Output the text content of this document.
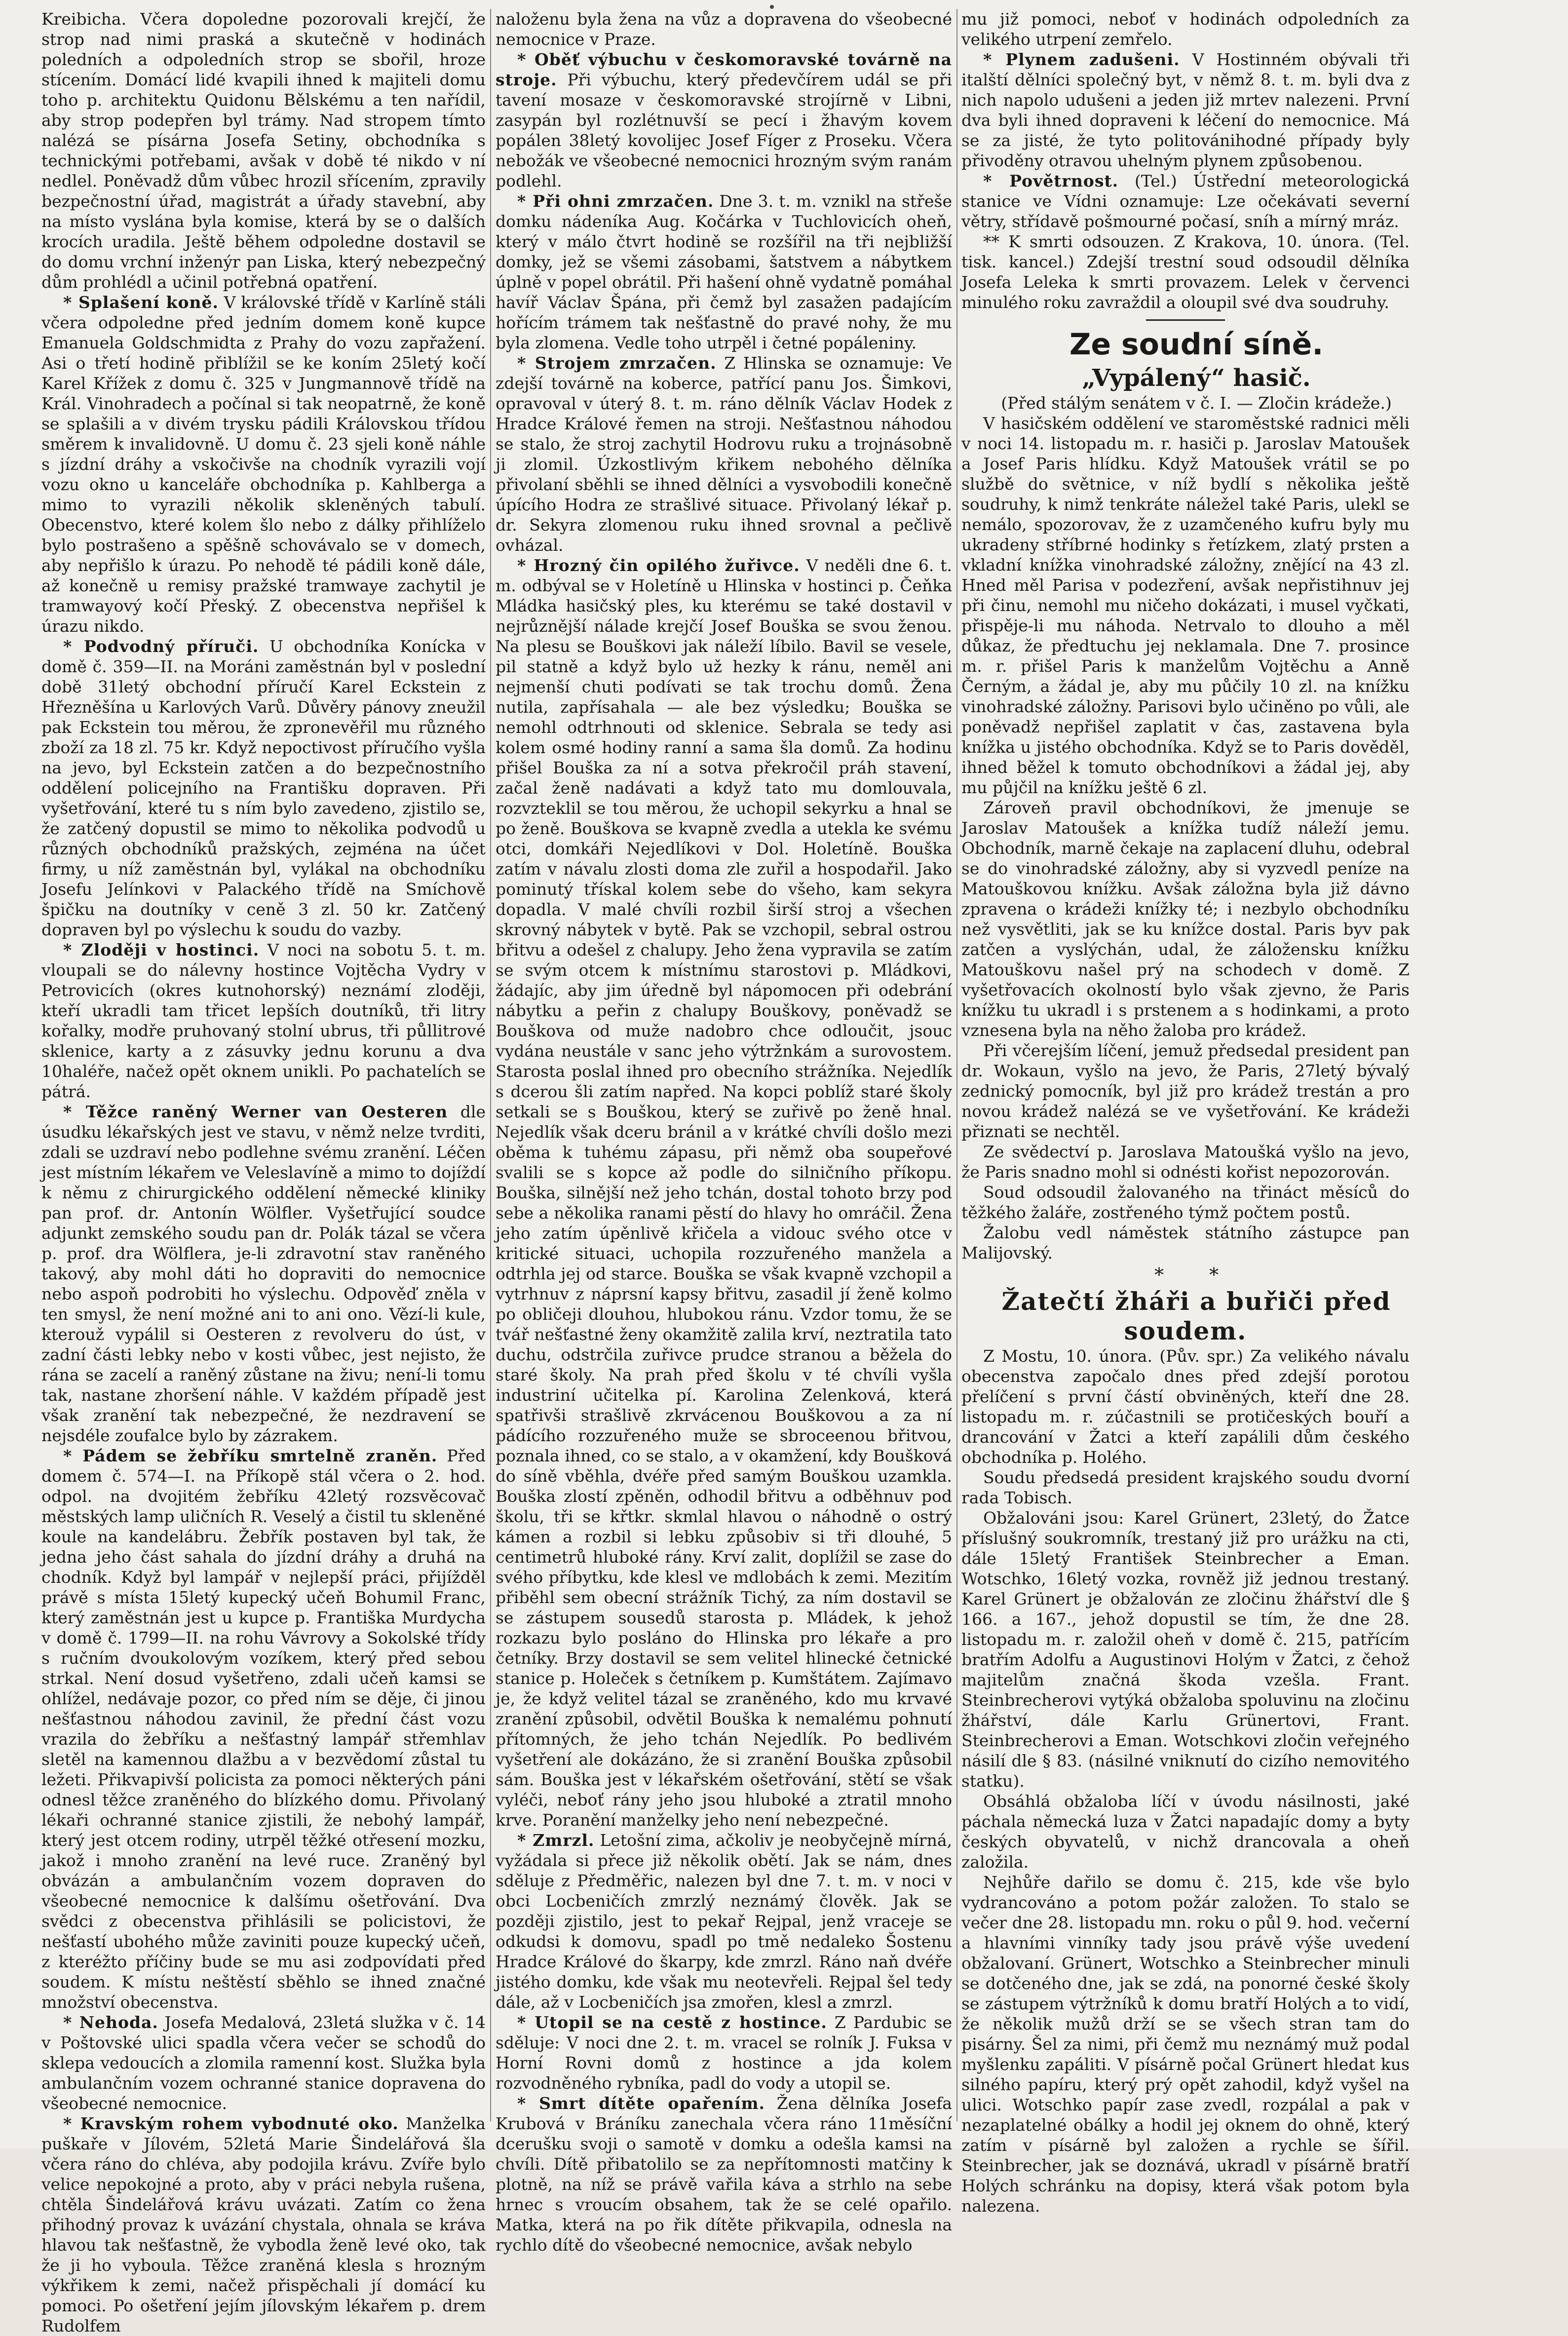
Kreibicha. Včera dopoledne pozorovali krejčí, že strop nad nimi praská a skutečně v hodinách poledních a odpoledních strop se sbořil, hroze stícením. Domácí lidé kvapili ihned k majiteli domu toho p. architektu Quidonu Bělskému a ten nařídil, aby strop podepřen byl trámy. Nad stropem tímto nalézá se písárna Josefa Setiny, obchodníka s technickými potřebami, avšak v době té nikdo v ní nedlel. Poněvadž dům vůbec hrozil sřícením, zpravily bezpečnostní úřad, magistrát a úřady stavební, aby na místo vyslána byla komise, která by se o dalších krocích uradila. Ještě během odpoledne dostavil se do domu vrchní inženýr pan Liska, který nebezpečný dům prohlédl a učinil potřebná opatření.

* Splašení koně. V královské třídě v Karlíně stáli včera odpoledne před jedním domem koně kupce Emanuela Goldschmidta z Prahy do vozu zapřažení. Asi o třetí hodině přiblížil se ke koním 25letý kočí Karel Křížek z domu č. 325 v Jungmannově třídě na Král. Vinohradech a počínal si tak neopatrně, že koně se splašili a v divém trysku pádili Královskou třídou směrem k invalidovně. U domu č. 23 sjeli koně náhle s jízdní dráhy a vskočivše na chodník vyrazili vojí vozu okno u kanceláře obchodníka p. Kahlberga a mimo to vyrazili několik skleněných tabulí. Obecenstvo, které kolem šlo nebo z dálky přihlíželo bylo postrašeno a spěšně schovávalo se v domech, aby nepřišlo k úrazu. Po nehodě té pádili koně dále, až konečně u remisy pražské tramwaye zachytil je tramwayový kočí Přeský. Z obecenstva nepřišel k úrazu nikdo.

* Podvodný příruči. U obchodníka Konícka v domě č. 359—II. na Moráni zaměstnán byl v poslední době 31letý obchodní příručí Karel Eckstein z Hřezněšína u Karlových Varů. Důvěry pánovy zneužil pak Eckstein tou měrou, že zpronevěřil mu různého zboží za 18 zl. 75 kr. Když nepoctivost příručího vyšla na jevo, byl Eckstein zatčen a do bezpečnostního oddělení policejního na Františku dopraven. Při vyšetřování, které tu s ním bylo zavedeno, zjistilo se, že zatčený dopustil se mimo to několika podvodů u různých obchodníků pražských, zejména na účet firmy, u níž zaměstnán byl, vylákal na obchodníku Josefu Jelínkovi v Palackého třídě na Smíchově špičku na doutníky v ceně 3 zl. 50 kr. Zatčený dopraven byl po výslechu k soudu do vazby.

* Zloději v hostinci. V noci na sobotu 5. t. m. vloupali se do nálevny hostince Vojtěcha Vydry v Petrovicích (okres kutnohorský) neznámí zloději, kteří ukradli tam třicet lepších doutníků, tři litry kořalky, modře pruhovaný stolní ubrus, tři půllitrové sklenice, karty a z zásuvky jednu korunu a dva 10haléře, načež opět oknem unikli. Po pachatelích se pátrá.

* Těžce raněný Werner van Oesteren dle úsudku lékařských jest ve stavu, v němž nelze tvrditi, zdali se uzdraví nebo podlehne svému zranění. Léčen jest místním lékařem ve Veleslavíně a mimo to dojíždí k němu z chirurgického oddělení německé kliniky pan prof. dr. Antonín Wölfler. Vyšetřující soudce adjunkt zemského soudu pan dr. Polák tázal se včera p. prof. dra Wölflera, je-li zdravotní stav raněného takový, aby mohl dáti ho dopraviti do nemocnice nebo aspoň podrobiti ho výslechu. Odpověď zněla v ten smysl, že není možné ani to ani ono. Vězí-li kule, kterouž vypálil si Oesteren z revolveru do úst, v zadní části lebky nebo v kosti vůbec, jest nejisto, že rána se zacelí a raněný zůstane na živu; není-li tomu tak, nastane zhoršení náhle. V každém případě jest však zranění tak nebezpečné, že nezdravení se nejsdéle zoufalce bylo by zázrakem.

* Pádem se žebříku smrtelně zraněn. Před domem č. 574—I. na Příkopě stál včera o 2. hod. odpol. na dvojitém žebříku 42letý rozsvěcovač městských lamp uličních R. Veselý a čistil tu skleněné koule na kandelábru. Žebřík postaven byl tak, že jedna jeho část sahala do jízdní dráhy a druhá na chodník. Když byl lampář v nejlepší práci, přijížděl právě s místa 15letý kupecký učeň Bohumil Franc, který zaměstnán jest u kupce p. Františka Murdycha v domě č. 1799—II. na rohu Vávrovy a Sokolské třídy s ručním dvoukolovým vozíkem, který před sebou strkal. Není dosud vyšetřeno, zdali učeň kamsi se ohlížel, nedávaje pozor, co před ním se děje, či jinou nešťastnou náhodou zavinil, že přední část vozu vrazila do žebříku a nešťastný lampář střemhlav sletěl na kamennou dlažbu a v bezvědomí zůstal tu ležeti. Přikvapivší policista za pomoci některých páni odnesl těžce zraněného do blízkého domu. Přivolaný lékaři ochranné stanice zjistili, že nebohý lampář, který jest otcem rodiny, utrpěl těžké otřesení mozku, jakož i mnoho zranění na levé ruce. Zraněný byl obvázán a ambulančním vozem dopraven do všeobecné nemocnice k dalšímu ošetřování. Dva svědci z obecenstva přihlásili se policistovi, že nešťastí ubohého může zaviniti pouze kupecký učeň, z kteréžto příčiny bude se mu asi zodpovídati před soudem. K místu neštěstí sběhlo se ihned značné množství obecenstva.

* Nehoda. Josefa Medalová, 23letá služka v č. 14 v Poštovské ulici spadla včera večer se schodů do sklepa vedoucích a zlomila ramenní kost. Služka byla ambulančním vozem ochranné stanice dopravena do všeobecné nemocnice.

* Kravským rohem vybodnuté oko. Manželka puškaře v Jílovém, 52letá Marie Šindelářová šla včera ráno do chléva, aby podojila krávu. Zvíře bylo velice nepokojné a proto, aby v práci nebyla rušena, chtěla Šindelářová krávu uvázati. Zatím co žena přihodný provaz k uvázání chystala, ohnala se kráva hlavou tak nešťastně, že vybodla ženě levé oko, tak že ji ho vyboula. Těžce zraněná klesla s hrozným výkřikem k zemi, načež přispěchali jí domácí ku pomoci. Po ošetření jejím jílovským lékařem p. drem Rudolfem

naloženu byla žena na vůz a dopravena do všeobecné nemocnice v Praze.

* Oběť výbuchu v českomoravské továrně na stroje. Při výbuchu, který předevčírem udál se při tavení mosaze v českomoravské strojírně v Libni, zasypán byl rozlétnuvší se pecí i žhavým kovem popálen 38letý kovolijec Josef Fíger z Proseku. Včera nebožák ve všeobecné nemocnici hrozným svým ranám podlehl.

* Při ohni zmrzačen. Dne 3. t. m. vznikl na střeše domku nádeníka Aug. Kočárka v Tuchlovicích oheň, který v málo čtvrt hodině se rozšířil na tři nejbližší domky, jež se všemi zásobami, šatstvem a nábytkem úplně v popel obrátil. Při hašení ohně vydatně pomáhal havíř Václav Špána, při čemž byl zasažen padajícím hořícím trámem tak nešťastně do pravé nohy, že mu byla zlomena. Vedle toho utrpěl i četné popáleniny.

* Strojem zmrzačen. Z Hlinska se oznamuje: Ve zdejší továrně na koberce, patřící panu Jos. Šimkovi, opravoval v úterý 8. t. m. ráno dělník Václav Hodek z Hradce Králové řemen na stroji. Nešťastnou náhodou se stalo, že stroj zachytil Hodrovu ruku a trojnásobně ji zlomil. Úzkostlivým křikem nebohého dělníka přivolaní sběhli se ihned dělníci a vysvobodili konečně úpícího Hodra ze strašlivé situace. Přivolaný lékař p. dr. Sekyra zlomenou ruku ihned srovnal a pečlivě ovházal.

* Hrozný čin opilého žuřivce. V neděli dne 6. t. m. odbýval se v Holetíně u Hlinska v hostinci p. Čeňka Mládka hasičský ples, ku kterému se také dostavil v nejrůznější nálade krejčí Josef Bouška se svou ženou. Na plesu se Bouškovi jak náleží líbilo. Bavil se vesele, pil statně a když bylo už hezky k ránu, neměl ani nejmenší chuti podívati se tak trochu domů. Žena nutila, zapřísahala — ale bez výsledku; Bouška se nemohl odtrhnouti od sklenice. Sebrala se tedy asi kolem osmé hodiny ranní a sama šla domů. Za hodinu přišel Bouška za ní a sotva překročil práh stavení, začal ženě nadávati a když tato mu domlouvala, rozvzteklil se tou měrou, že uchopil sekyrku a hnal se po ženě. Bouškova se kvapně zvedla a utekla ke svému otci, domkáři Nejedlíkovi v Dol. Holetíně. Bouška zatím v návalu zlosti doma zle zuřil a hospodařil. Jako pominutý třískal kolem sebe do všeho, kam sekyra dopadla. V malé chvíli rozbil širší stroj a všechen skrovný nábytek v bytě. Pak se vzchopil, sebral ostrou břitvu a odešel z chalupy. Jeho žena vypravila se zatím se svým otcem k místnímu starostovi p. Mládkovi, žádajíc, aby jim úředně byl nápomocen při odebrání nábytku a peřin z chalupy Bouškovy, poněvadž se Bouškova od muže nadobro chce odloučit, jsouc vydána neustále v sanc jeho výtržnkám a surovostem. Starosta poslal ihned pro obecního strážníka. Nejedlík s dcerou šli zatím napřed. Na kopci poblíž staré školy setkali se s Bouškou, který se zuřivě po ženě hnal. Nejedlík však dceru bránil a v krátké chvíli došlo mezi oběma k tuhému zápasu, při němž oba soupeřové svalili se s kopce až podle do silničního příkopu. Bouška, silnější než jeho tchán, dostal tohoto brzy pod sebe a několika ranami pěstí do hlavy ho omráčil. Žena jeho zatím úpěnlivě křičela a vidouc svého otce v kritické situaci, uchopila rozzuřeného manžela a odtrhla jej od starce. Bouška se však kvapně vzchopil a vytrhnuv z náprsní kapsy břitvu, zasadil jí ženě kolmo po obličeji dlouhou, hlubokou ránu. Vzdor tomu, že se tvář nešťastné ženy okamžitě zalila krví, neztratila tato duchu, odstrčila zuřivce prudce stranou a běžela do staré školy. Na prah před školu v té chvíli vyšla industriní učitelka pí. Karolina Zelenková, která spatřivši strašlivě zkrvácenou Bouškovou a za ní pádícího rozzuřeného muže se sbroceenou břitvou, poznala ihned, co se stalo, a v okamžení, kdy Boušková do síně vběhla, dvéře před samým Bouškou uzamkla. Bouška zlostí zpěněn, odhodil břitvu a odběhnuv pod školu, tři se křtkr. skmlal hlavou o náhodně o ostrý kámen a rozbil si lebku způsobiv si tři dlouhé, 5 centimetrů hluboké rány. Krví zalit, doplížil se zase do svého příbytku, kde klesl ve mdlobách k zemi. Mezitím přiběhl sem obecní strážník Tichý, za ním dostavil se se zástupem sousedů starosta p. Mládek, k jehož rozkazu bylo posláno do Hlinska pro lékaře a pro četníky. Brzy dostavil se sem velitel hlinecké četnické stanice p. Holeček s četníkem p. Kumštátem. Zajímavo je, že když velitel tázal se zraněného, kdo mu krvavé zranění způsobil, odvětil Bouška k nemalému pohnutí přítomných, že jeho tchán Nejedlík. Po bedlivém vyšetření ale dokázáno, že si zranění Bouška způsobil sám. Bouška jest v lékařském ošetřování, stětí se však vyléči, neboť rány jeho jsou hluboké a ztratil mnoho krve. Poranění manželky jeho není nebezpečné.

* Zmrzl. Letošní zima, ačkoliv je neobyčejně mírná, vyžádala si přece již několik obětí. Jak se nám, dnes sděluje z Předměřic, nalezen byl dne 7. t. m. v noci v obci Locbeničích zmrzlý neznámý člověk. Jak se později zjistilo, jest to pekař Rejpal, jenž vraceje se odkudsi k domovu, spadl po tmě nedaleko Šostenu Hradce Králové do škarpy, kde zmrzl. Ráno naň dvéře jistého domku, kde však mu neotevřeli. Rejpal šel tedy dále, až v Locbeničích jsa zmořen, klesl a zmrzl.

* Utopil se na cestě z hostince. Z Pardubic se sděluje: V noci dne 2. t. m. vracel se rolník J. Fuksa v Horní Rovni domů z hostince a jda kolem rozvodněného rybníka, padl do vody a utopil se.

* Smrt dítěte opařením. Žena dělníka Josefa Krubová v Bráníku zanechala včera ráno 11měsíční dcerušku svoji o samotě v domku a odešla kamsi na chvíli. Dítě přibatolilo se za nepřítomnosti matčiny k plotně, na níž se právě vařila káva a strhlo na sebe hrnec s vroucím obsahem, tak že se celé opařilo. Matka, která na po řik dítěte přikvapila, odnesla na rychlo dítě do všeobecné nemocnice, avšak nebylo

mu již pomoci, neboť v hodinách odpoledních za velikého utrpení zemřelo.

* Plynem zadušeni. V Hostinném obývali tři italští dělníci společný byt, v němž 8. t. m. byli dva z nich napolo udušeni a jeden již mrtev nalezeni. První dva byli ihned dopraveni k léčení do nemocnice. Má se za jisté, že tyto politovánihodné případy byly přivoděny otravou uhelným plynem způsobenou.

* Povětrnost. (Tel.) Ústřední meteorologická stanice ve Vídni oznamuje: Lze očekávati severní větry, střídavě pošmourné počasí, sníh a mírný mráz.

** K smrti odsouzen. Z Krakova, 10. února. (Tel. tisk. kancel.) Zdejší trestní soud odsoudil dělníka Josefa Leleka k smrti provazem. Lelek v červenci minulého roku zavraždil a oloupil své dva soudruhy.

Ze soudní síně.

„Vypálený“ hasič.

(Před stálým senátem v č. I. — Zločin krádeže.)

V hasičském oddělení ve staroměstské radnici měli v noci 14. listopadu m. r. hasiči p. Jaroslav Matoušek a Josef Paris hlídku. Když Matoušek vrátil se po službě do světnice, v níž bydlí s několika ještě soudruhy, k nimž tenkráte náležel také Paris, ulekl se nemálo, spozorovav, že z uzamčeného kufru byly mu ukradeny stříbrné hodinky s řetízkem, zlatý prsten a vkladní knížka vinohradské záložny, znějící na 43 zl. Hned měl Parisa v podezření, avšak nepřistihnuv jej při činu, nemohl mu ničeho dokázati, i musel vyčkati, přispěje-li mu náhoda. Netrvalo to dlouho a měl důkaz, že předtuchu jej neklamala. Dne 7. prosince m. r. přišel Paris k manželům Vojtěchu a Anně Černým, a žádal je, aby mu půčily 10 zl. na knížku vinohradské záložny. Parisovi bylo učiněno po vůli, ale poněvadž nepřišel zaplatit v čas, zastavena byla knížka u jistého obchodníka. Když se to Paris dověděl, ihned běžel k tomuto obchodníkovi a žádal jej, aby mu půjčil na knížku ještě 6 zl.

Zároveň pravil obchodníkovi, že jmenuje se Jaroslav Matoušek a knížka tudíž náleží jemu. Obchodník, marně čekaje na zaplacení dluhu, odebral se do vinohradské záložny, aby si vyzvedl peníze na Matouškovou knížku. Avšak záložna byla již dávno zpravena o krádeži knížky té; i nezbylo obchodníku než vysvětliti, jak se ku knížce dostal. Paris byv pak zatčen a vyslýchán, udal, že záložensku knížku Matouškovu našel prý na schodech v domě. Z vyšetřovacích okolností bylo však zjevno, že Paris knížku tu ukradl i s prstenem a s hodinkami, a proto vznesena byla na něho žaloba pro krádež.

Při včerejším líčení, jemuž předsedal president pan dr. Wokaun, vyšlo na jevo, že Paris, 27letý bývalý zednický pomocník, byl již pro krádež trestán a pro novou krádež nalézá se ve vyšetřování. Ke krádeži přiznati se nechtěl.

Ze svědectví p. Jaroslava Matoušká vyšlo na jevo, že Paris snadno mohl si odnésti kořist nepozorován.

Soud odsoudil žalovaného na třináct měsíců do těžkého žaláře, zostřeného týmž počtem postů.

Žalobu vedl náměstek státního zástupce pan Malijovský.

* *

Žatečtí žháři a buřiči před soudem.

Z Mostu, 10. února. (Pův. spr.) Za velikého návalu obecenstva započalo dnes před zdejší porotou přelíčení s první částí obviněných, kteří dne 28. listopadu m. r. zúčastnili se protičeských bouří a drancování v Žatci a kteří zapálili dům českého obchodníka p. Holého.

Soudu předsedá president krajského soudu dvorní rada Tobisch.

Obžalováni jsou: Karel Grünert, 23letý, do Žatce příslušný soukromník, trestaný již pro urážku na cti, dále 15letý František Steinbrecher a Eman. Wotschko, 16letý vozka, rovněž již jednou trestaný. Karel Grünert je obžalován ze zločinu žhářství dle § 166. a 167., jehož dopustil se tím, že dne 28. listopadu m. r. založil oheň v domě č. 215, patřícím bratřím Adolfu a Augustinovi Holým v Žatci, z čehož majitelům značná škoda vzešla. Frant. Steinbrecherovi vytýká obžaloba spoluvinu na zločinu žhářství, dále Karlu Grünertovi, Frant. Steinbrecherovi a Eman. Wotschkovi zločin veřejného násilí dle § 83. (násilné vniknutí do cizího nemovitého statku).

Obsáhlá obžaloba líčí v úvodu násilnosti, jaké páchala německá luza v Žatci napadajíc domy a byty českých obyvatelů, v nichž drancovala a oheň založila.

Nejhůře dařilo se domu č. 215, kde vše bylo vydrancováno a potom požár založen. To stalo se večer dne 28. listopadu mn. roku o půl 9. hod. večerní a hlavními vinníky tady jsou právě výše uvedení obžalovaní. Grünert, Wotschko a Steinbrecher minuli se dotčeného dne, jak se zdá, na ponorné české školy se zástupem výtržníků k domu bratří Holých a to vidí, že několik mužů drží se se všech stran tam do pisárny. Šel za nimi, při čemž mu neznámý muž podal myšlenku zapáliti. V písárně počal Grünert hledat kus silného papíru, který prý opět zahodil, když vyšel na ulici. Wotschko papír zase zvedl, rozpálal a pak v nezaplatelné obálky a hodil jej oknem do ohně, který zatím v písárně byl založen a rychle se šířil. Steinbrecher, jak se doznává, ukradl v písárně bratří Holých schránku na dopisy, která však potom byla nalezena.
